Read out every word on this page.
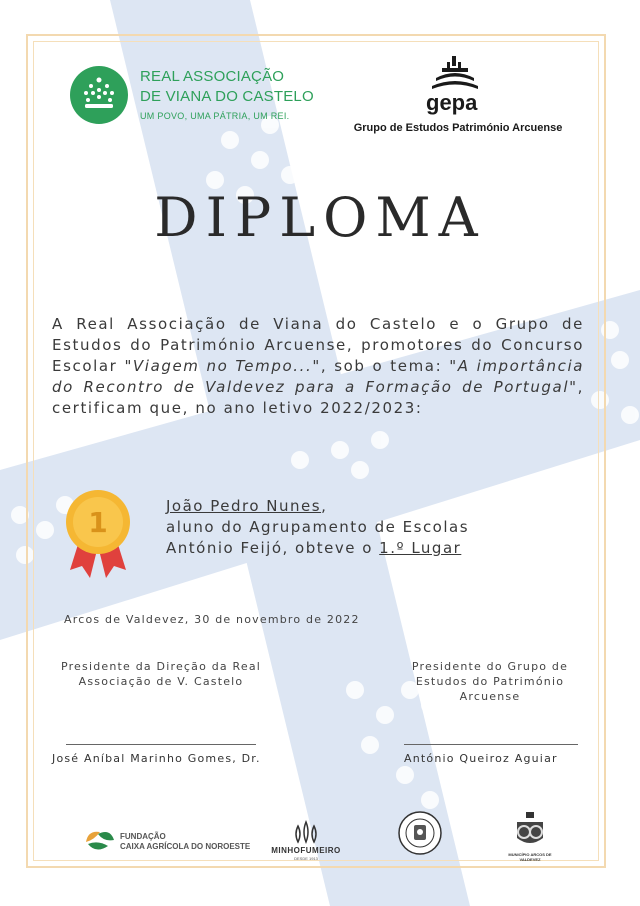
REAL ASSOCIAÇÃO
DE VIANA DO CASTELO
UM POVO, UMA PÁTRIA, UM REI.
gepa
Grupo de Estudos Património Arcuense
DIPLOMA
A Real Associação de Viana do Castelo e o Grupo de Estudos do Património Arcuense, promotores do Concurso Escolar "Viagem no Tempo...", sob o tema: "A importância do Recontro de Valdevez para a Formação de Portugal", certificam que, no ano letivo 2022/2023:
1	João Pedro Nunes,
aluno do Agrupamento de Escolas
António Feijó, obteve o 1.º Lugar
Arcos de Valdevez, 30 de novembro de 2022
Presidente da Direção da Real Associação de V. Castelo
Presidente do Grupo de Estudos do Património Arcuense
José Aníbal Marinho Gomes, Dr.	António Queiroz Aguiar
FUNDAÇÃO
CAIXA AGRÍCOLA DO NOROESTE	MINHOFUMEIRO
DESDE 1913
MUNICÍPIO ARCOS DE VALDEVEZ
